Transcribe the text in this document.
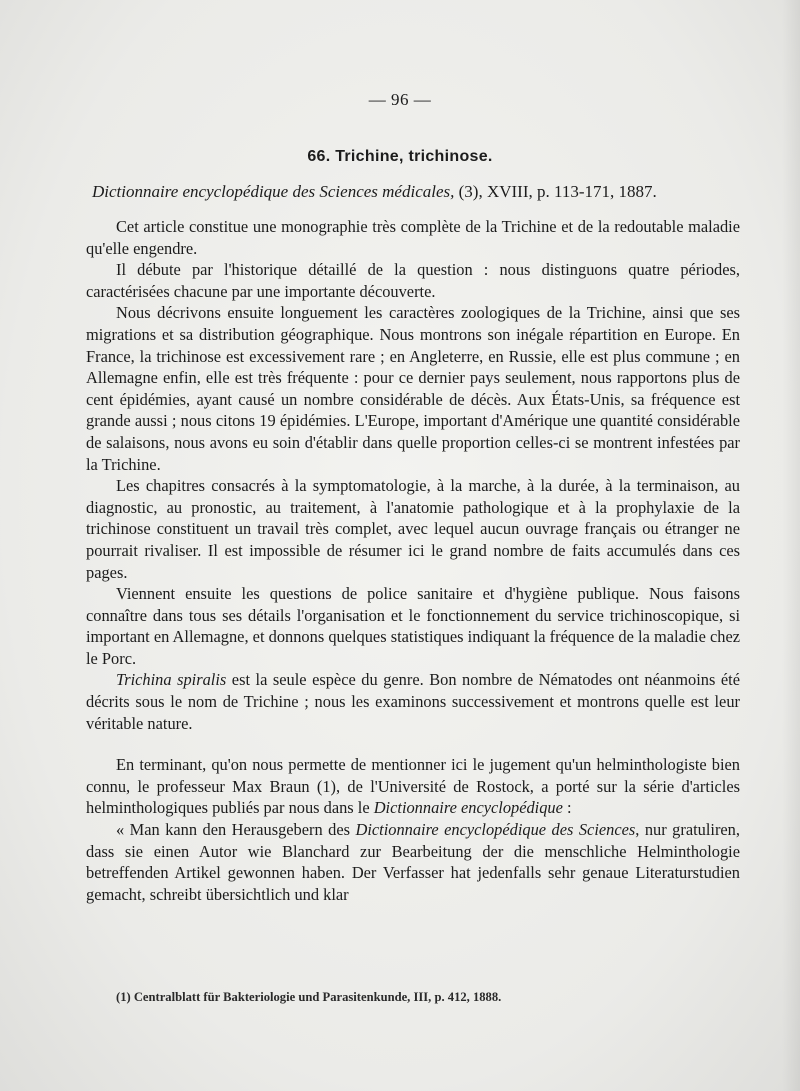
— 96 —
66. Trichine, trichinose.
Dictionnaire encyclopédique des Sciences médicales, (3), XVIII, p. 113-171, 1887.

Cet article constitue une monographie très complète de la Trichine et de la redoutable maladie qu'elle engendre.

Il débute par l'historique détaillé de la question : nous distinguons quatre périodes, caractérisées chacune par une importante découverte.

Nous décrivons ensuite longuement les caractères zoologiques de la Trichine, ainsi que ses migrations et sa distribution géographique. Nous montrons son inégale répartition en Europe. En France, la trichinose est excessivement rare ; en Angleterre, en Russie, elle est plus commune ; en Allemagne enfin, elle est très fréquente : pour ce dernier pays seulement, nous rapportons plus de cent épidémies, ayant causé un nombre considérable de décès. Aux États-Unis, sa fréquence est grande aussi ; nous citons 19 épidémies. L'Europe, important d'Amérique une quantité considérable de salaisons, nous avons eu soin d'établir dans quelle proportion celles-ci se montrent infestées par la Trichine.

Les chapitres consacrés à la symptomatologie, à la marche, à la durée, à la terminaison, au diagnostic, au pronostic, au traitement, à l'anatomie pathologique et à la prophylaxie de la trichinose constituent un travail très complet, avec lequel aucun ouvrage français ou étranger ne pourrait rivaliser. Il est impossible de résumer ici le grand nombre de faits accumulés dans ces pages.

Viennent ensuite les questions de police sanitaire et d'hygiène publique. Nous faisons connaître dans tous ses détails l'organisation et le fonctionnement du service trichinoscopique, si important en Allemagne, et donnons quelques statistiques indiquant la fréquence de la maladie chez le Porc.

Trichina spiralis est la seule espèce du genre. Bon nombre de Nématodes ont néanmoins été décrits sous le nom de Trichine ; nous les examinons successivement et montrons quelle est leur véritable nature.

En terminant, qu'on nous permette de mentionner ici le jugement qu'un helminthologiste bien connu, le professeur Max Braun (1), de l'Université de Rostock, a porté sur la série d'articles helminthologiques publiés par nous dans le Dictionnaire encyclopédique :

« Man kann den Herausgebern des Dictionnaire encyclopédique des Sciences, nur gratuliren, dass sie einen Autor wie Blanchard zur Bearbeitung der die menschliche Helminthologie betreffenden Artikel gewonnen haben. Der Verfasser hat jedenfalls sehr genaue Literaturstudien gemacht, schreibt übersichtlich und klar

(1) Centralblatt für Bakteriologie und Parasitenkunde, III, p. 412, 1888.
